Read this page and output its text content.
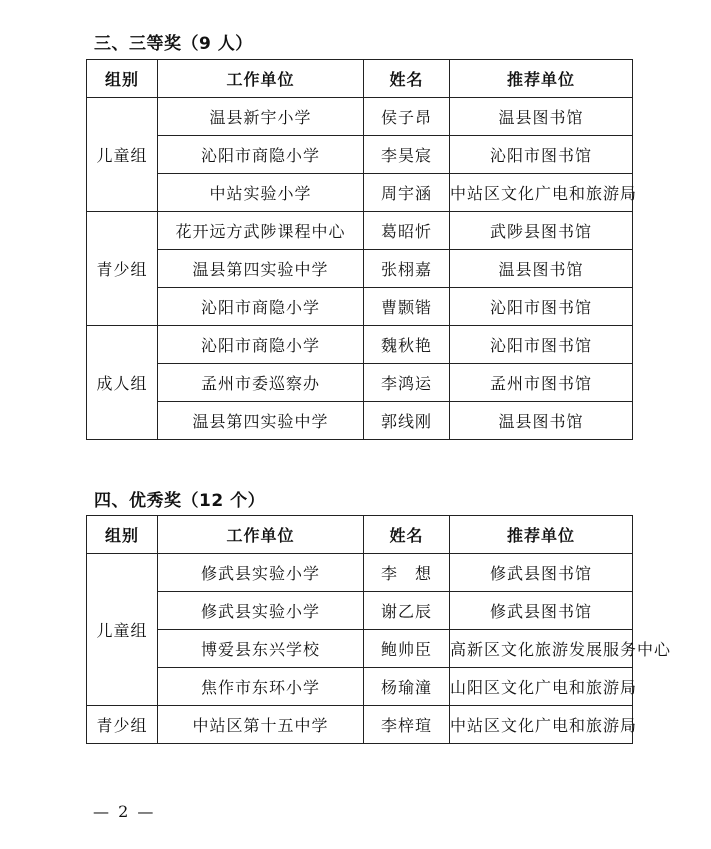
三、三等奖（9 人）
组别	工作单位	姓名	推荐单位
儿童组	温县新宇小学	侯子昂	温县图书馆
	沁阳市商隐小学	李昊宸	沁阳市图书馆
	中站实验小学	周宇涵	中站区文化广电和旅游局
青少组	花开远方武陟课程中心	葛昭忻	武陟县图书馆
	温县第四实验中学	张栩嘉	温县图书馆
	沁阳市商隐小学	曹颢锴	沁阳市图书馆
成人组	沁阳市商隐小学	魏秋艳	沁阳市图书馆
	孟州市委巡察办	李鸿运	孟州市图书馆
	温县第四实验中学	郭线刚	温县图书馆
四、优秀奖（12 个）
组别	工作单位	姓名	推荐单位
儿童组	修武县实验小学	李　想	修武县图书馆
	修武县实验小学	谢乙辰	修武县图书馆
	博爱县东兴学校	鲍帅臣	高新区文化旅游发展服务中心
	焦作市东环小学	杨瑜潼	山阳区文化广电和旅游局
青少组	中站区第十五中学	李梓瑄	中站区文化广电和旅游局
— 2 —
